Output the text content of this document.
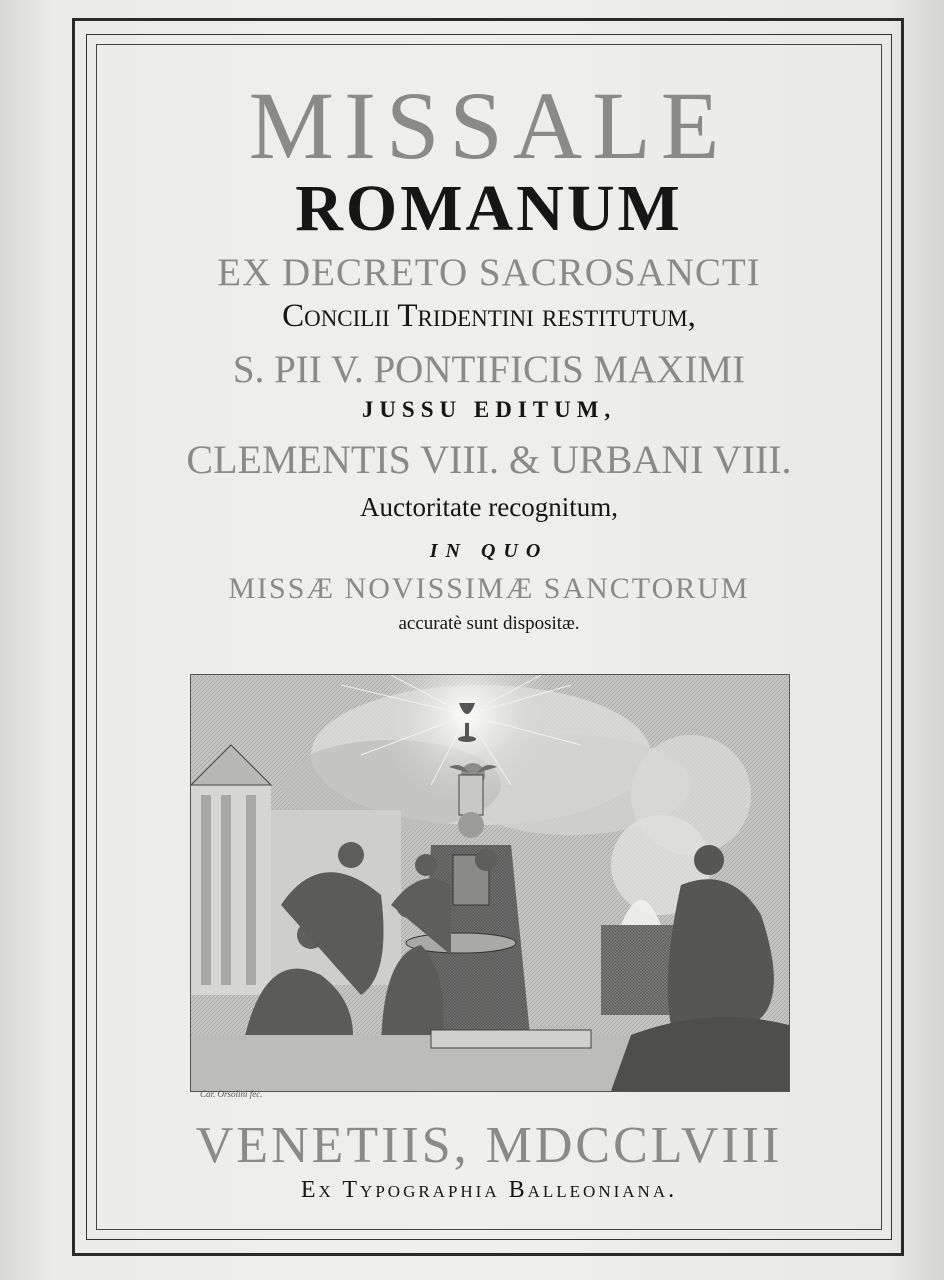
MISSALE
ROMANUM
EX DECRETO SACROSANCTI
Concilii Tridentini restitutum,
S. PII V. PONTIFICIS MAXIMI
JUSSU EDITUM,
CLEMENTIS VIII. & URBANI VIII.
Auctoritate recognitum,
IN QUO
MISSÆ NOVISSIMÆ SANCTORUM
accuratè sunt dispositæ.
Car. Orsolini fec.
VENETIIS, MDCCLVIII
Ex Typographia Balleoniana.
